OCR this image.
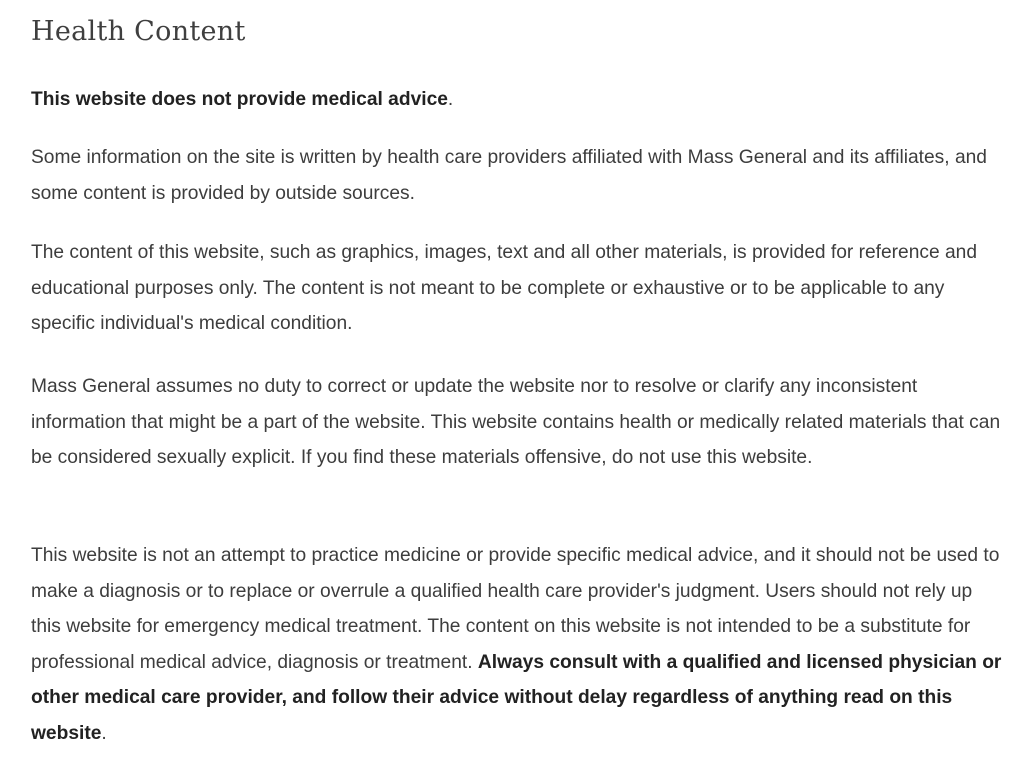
Health Content

This website does not provide medical advice.

Some information on the site is written by health care providers affiliated with Mass General and its affiliates, and some content is provided by outside sources.

The content of this website, such as graphics, images, text and all other materials, is provided for reference and educational purposes only. The content is not meant to be complete or exhaustive or to be applicable to any specific individual's medical condition.

Mass General assumes no duty to correct or update the website nor to resolve or clarify any inconsistent information that might be a part of the website. This website contains health or medically related materials that can be considered sexually explicit. If you find these materials offensive, do not use this website.

This website is not an attempt to practice medicine or provide specific medical advice, and it should not be used to make a diagnosis or to replace or overrule a qualified health care provider's judgment. Users should not rely up this website for emergency medical treatment. The content on this website is not intended to be a substitute for professional medical advice, diagnosis or treatment. Always consult with a qualified and licensed physician or other medical care provider, and follow their advice without delay regardless of anything read on this website.
